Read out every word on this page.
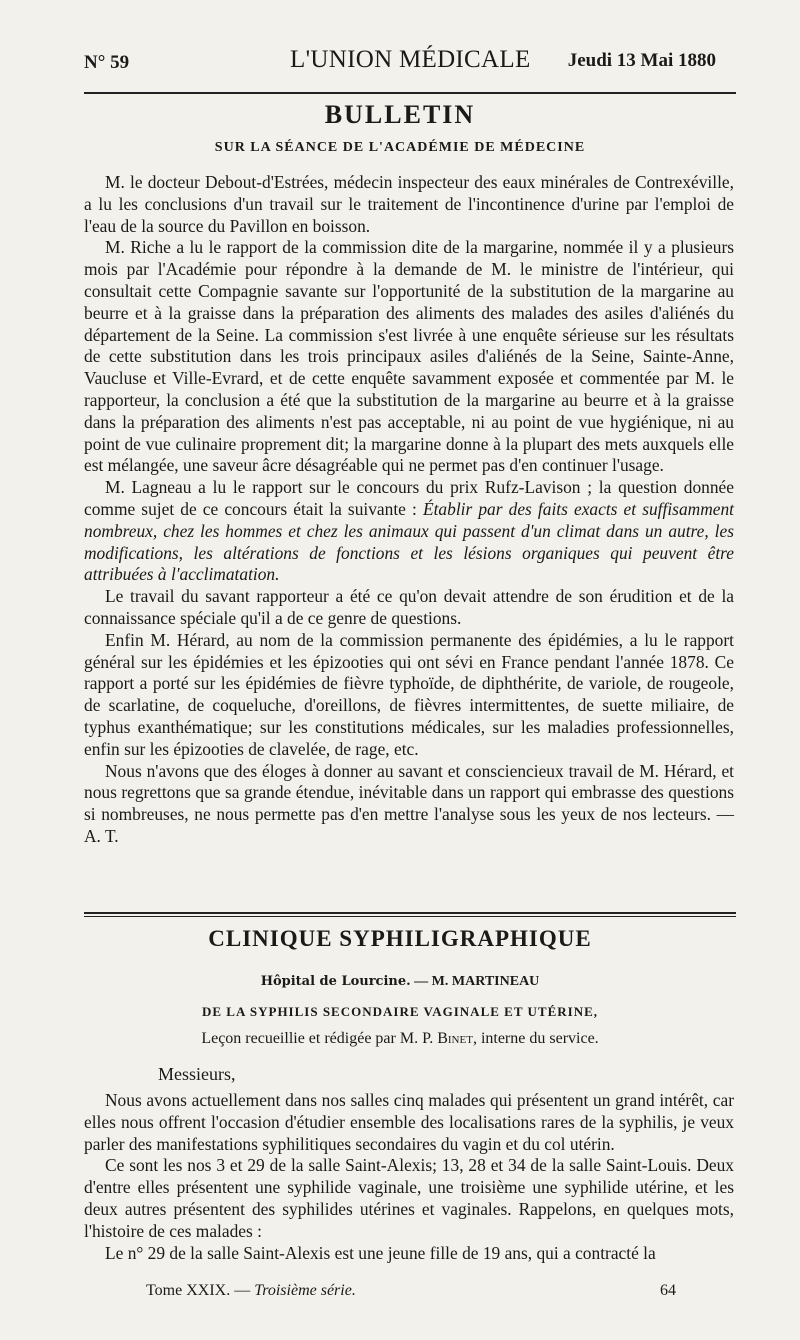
N° 59	L'UNION MÉDICALE Jeudi 13 Mai 1880
BULLETIN
SUR LA SÉANCE DE L'ACADÉMIE DE MÉDECINE

M. le docteur Debout-d'Estrées, médecin inspecteur des eaux minérales de Contrexéville, a lu les conclusions d'un travail sur le traitement de l'incontinence d'urine par l'emploi de l'eau de la source du Pavillon en boisson.

M. Riche a lu le rapport de la commission dite de la margarine, nommée il y a plusieurs mois par l'Académie pour répondre à la demande de M. le ministre de l'intérieur, qui consultait cette Compagnie savante sur l'opportunité de la substitution de la margarine au beurre et à la graisse dans la préparation des aliments des malades des asiles d'aliénés du département de la Seine. La commission s'est livrée à une enquête sérieuse sur les résultats de cette substitution dans les trois principaux asiles d'aliénés de la Seine, Sainte-Anne, Vaucluse et Ville-Evrard, et de cette enquête savamment exposée et commentée par M. le rapporteur, la conclusion a été que la substitution de la margarine au beurre et à la graisse dans la préparation des aliments n'est pas acceptable, ni au point de vue hygiénique, ni au point de vue culinaire proprement dit; la margarine donne à la plupart des mets auxquels elle est mélangée, une saveur âcre désagréable qui ne permet pas d'en continuer l'usage.

M. Lagneau a lu le rapport sur le concours du prix Rufz-Lavison ; la question donnée comme sujet de ce concours était la suivante : Établir par des faits exacts et suffisamment nombreux, chez les hommes et chez les animaux qui passent d'un climat dans un autre, les modifications, les altérations de fonctions et les lésions organiques qui peuvent être attribuées à l'acclimatation.

Le travail du savant rapporteur a été ce qu'on devait attendre de son érudition et de la connaissance spéciale qu'il a de ce genre de questions.

Enfin M. Hérard, au nom de la commission permanente des épidémies, a lu le rapport général sur les épidémies et les épizooties qui ont sévi en France pendant l'année 1878. Ce rapport a porté sur les épidémies de fièvre typhoïde, de diphthérite, de variole, de rougeole, de scarlatine, de coqueluche, d'oreillons, de fièvres intermittentes, de suette miliaire, de typhus exanthématique; sur les constitutions médicales, sur les maladies professionnelles, enfin sur les épizooties de clavelée, de rage, etc.

Nous n'avons que des éloges à donner au savant et consciencieux travail de M. Hérard, et nous regrettons que sa grande étendue, inévitable dans un rapport qui embrasse des questions si nombreuses, ne nous permette pas d'en mettre l'analyse sous les yeux de nos lecteurs. — A. T.

CLINIQUE SYPHILIGRAPHIQUE
Hôpital de Lourcine. — M. MARTINEAU
DE LA SYPHILIS SECONDAIRE VAGINALE ET UTÉRINE,
Leçon recueillie et rédigée par M. P. Binet, interne du service.
Messieurs,

Nous avons actuellement dans nos salles cinq malades qui présentent un grand intérêt, car elles nous offrent l'occasion d'étudier ensemble des localisations rares de la syphilis, je veux parler des manifestations syphilitiques secondaires du vagin et du col utérin.

Ce sont les nos 3 et 29 de la salle Saint-Alexis; 13, 28 et 34 de la salle Saint-Louis. Deux d'entre elles présentent une syphilide vaginale, une troisième une syphilide utérine, et les deux autres présentent des syphilides utérines et vaginales. Rappelons, en quelques mots, l'histoire de ces malades :

Le n° 29 de la salle Saint-Alexis est une jeune fille de 19 ans, qui a contracté la

Tome XXIX. — Troisième série.	64
